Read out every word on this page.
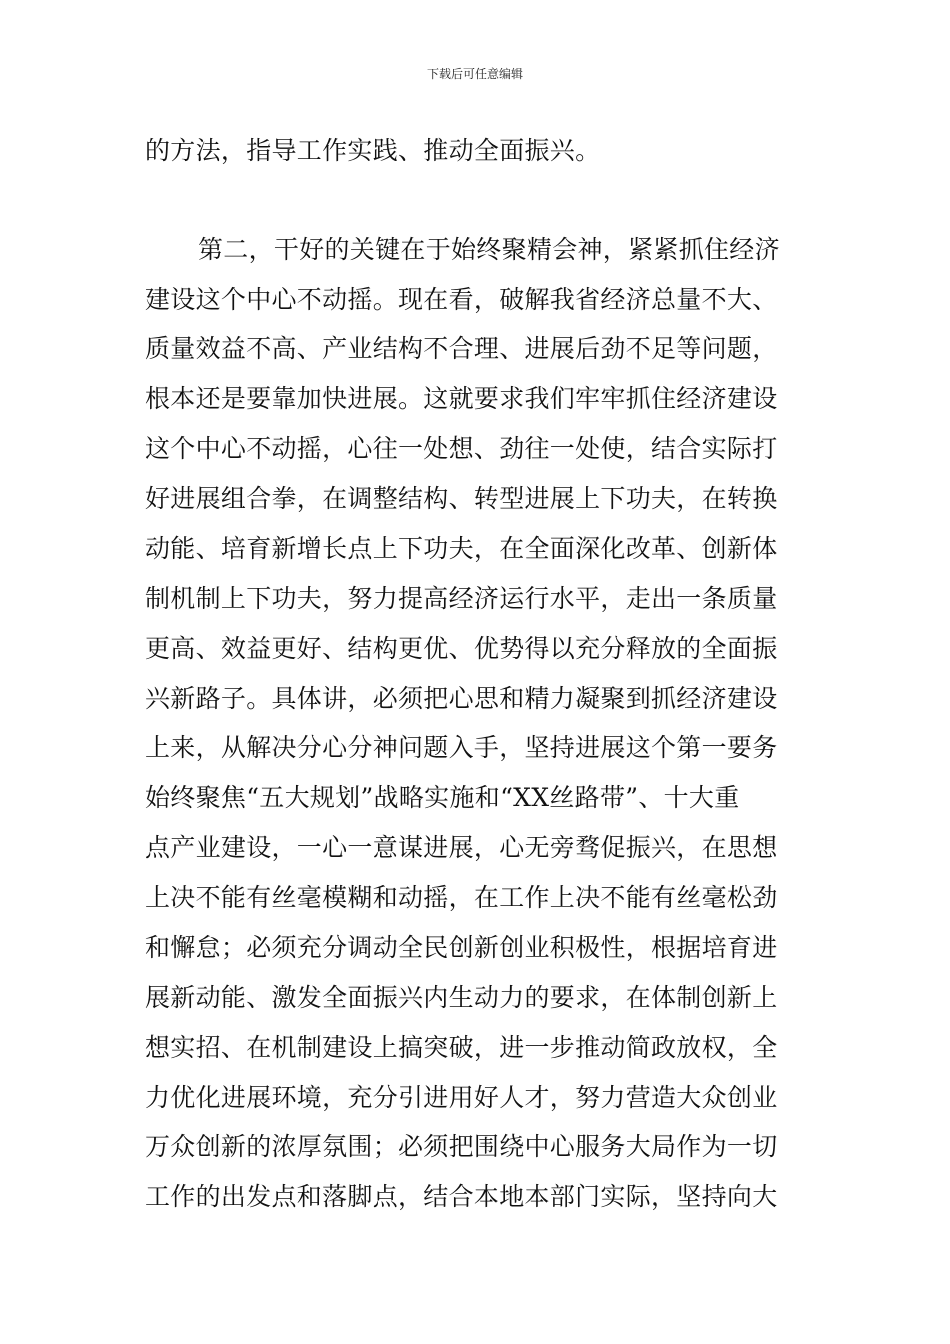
下载后可任意编辑
的方法，指导工作实践、推动全面振兴。
第二，干好的关键在于始终聚精会神，紧紧抓住经济
建设这个中心不动摇。现在看，破解我省经济总量不大、
质量效益不高、产业结构不合理、进展后劲不足等问题，
根本还是要靠加快进展。这就要求我们牢牢抓住经济建设
这个中心不动摇，心往一处想、劲往一处使，结合实际打
好进展组合拳，在调整结构、转型进展上下功夫，在转换
动能、培育新增长点上下功夫，在全面深化改革、创新体
制机制上下功夫，努力提高经济运行水平，走出一条质量
更高、效益更好、结构更优、优势得以充分释放的全面振
兴新路子。具体讲，必须把心思和精力凝聚到抓经济建设
上来，从解决分心分神问题入手，坚持进展这个第一要务
始终聚焦“五大规划”战略实施和“XX丝路带”、十大重
点产业建设，一心一意谋进展，心无旁骛促振兴，在思想
上决不能有丝毫模糊和动摇，在工作上决不能有丝毫松劲
和懈怠；必须充分调动全民创新创业积极性，根据培育进
展新动能、激发全面振兴内生动力的要求，在体制创新上
想实招、在机制建设上搞突破，进一步推动简政放权，全
力优化进展环境，充分引进用好人才，努力营造大众创业
万众创新的浓厚氛围；必须把围绕中心服务大局作为一切
工作的出发点和落脚点，结合本地本部门实际，坚持向大
